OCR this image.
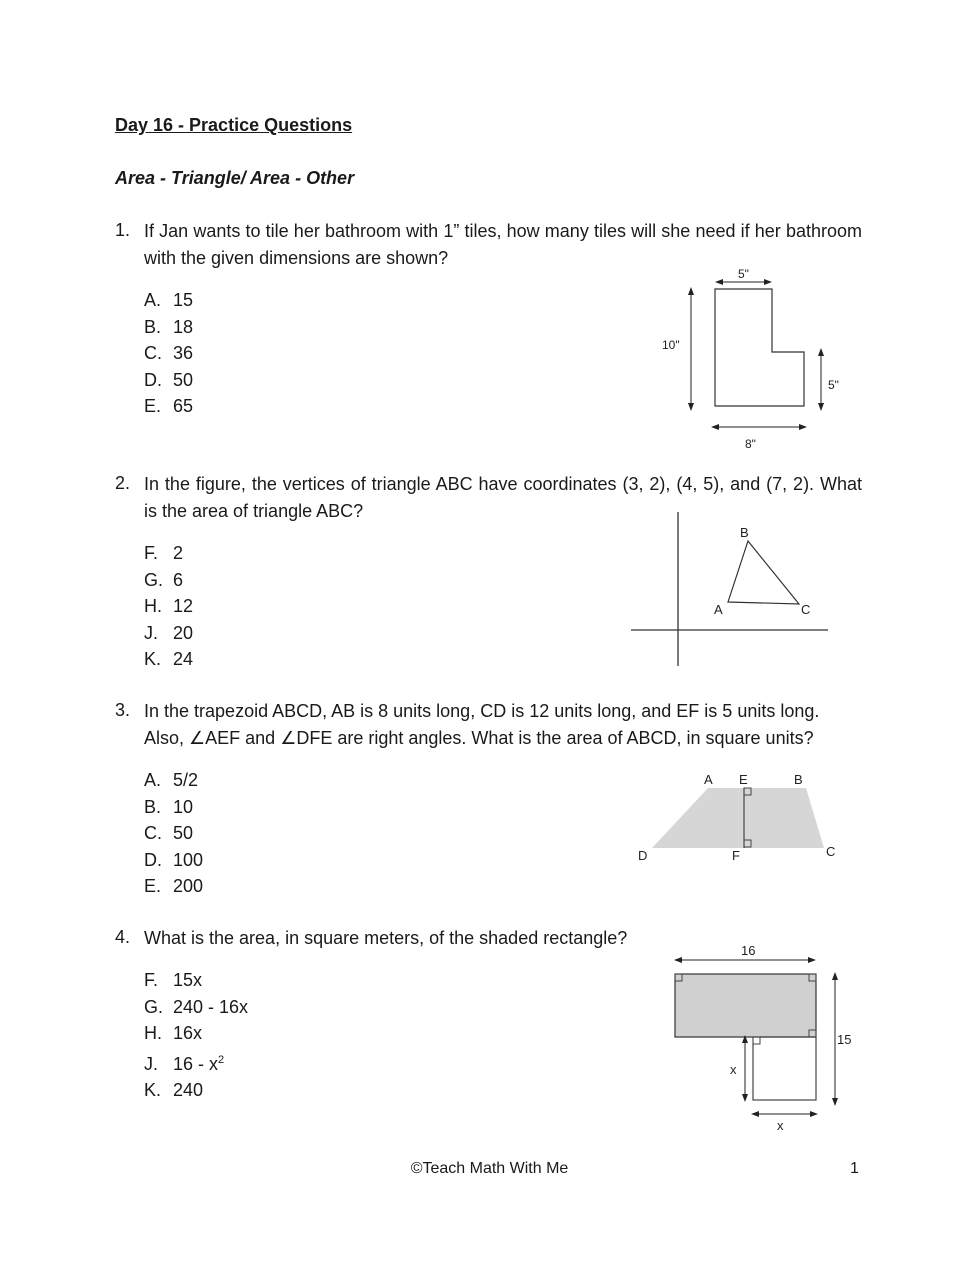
Day 16 - Practice Questions
Area - Triangle/ Area - Other
1. If Jan wants to tile her bathroom with 1” tiles, how many tiles will she need if her bathroom with the given dimensions are shown?
A. 15
B. 18
C. 36
D. 50
E. 65
5"
10"
5"
8"
2. In the figure, the vertices of triangle ABC have coordinates (3, 2), (4, 5), and (7, 2). What is the area of triangle ABC?
F. 2
G. 6
H. 12
J. 20
K. 24
B
A	C
3. In the trapezoid ABCD, AB is 8 units long, CD is 12 units long, and EF is 5 units long.
Also, ∠AEF and ∠DFE are right angles. What is the area of ABCD, in square units?
A. 5/2
B. 10
C. 50
D. 100
E. 200
A E	B
D	F	C
4. What is the area, in square meters, of the shaded rectangle?
F. 15x
G. 240 - 16x
H. 16x
J. $16 - x^2$
K. 240
16
15
x
x
©Teach Math With Me	1
